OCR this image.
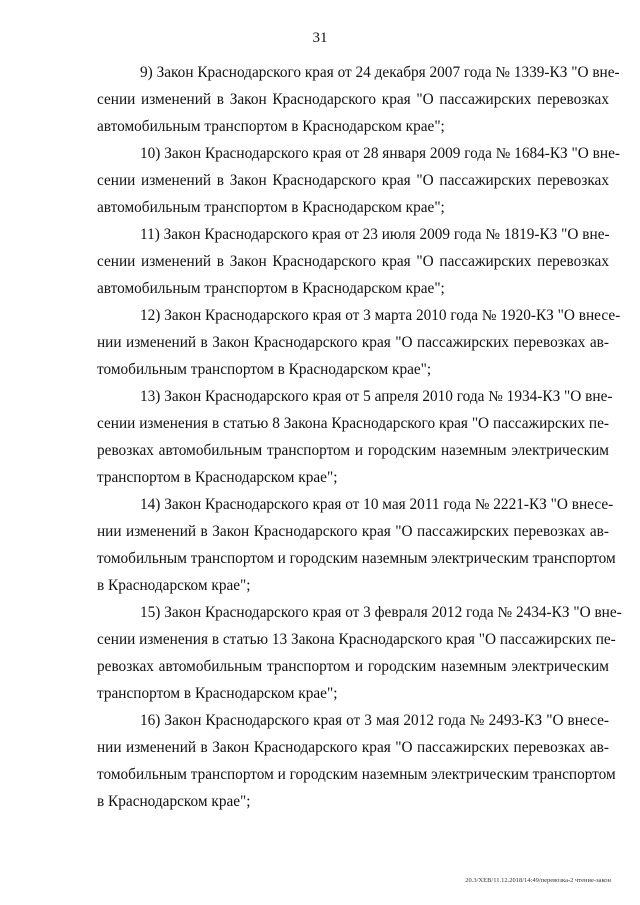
31
9) Закон Краснодарского края от 24 декабря 2007 года № 1339-КЗ "О вне-
сении изменений в Закон Краснодарского края "О пассажирских перевозках
автомобильным транспортом в Краснодарском крае";
10) Закон Краснодарского края от 28 января 2009 года № 1684-КЗ "О вне-
сении изменений в Закон Краснодарского края "О пассажирских перевозках
автомобильным транспортом в Краснодарском крае";
11) Закон Краснодарского края от 23 июля 2009 года № 1819-КЗ "О вне-
сении изменений в Закон Краснодарского края "О пассажирских перевозках
автомобильным транспортом в Краснодарском крае";
12) Закон Краснодарского края от 3 марта 2010 года № 1920-КЗ "О внесе-
нии изменений в Закон Краснодарского края "О пассажирских перевозках ав-
томобильным транспортом в Краснодарском крае";
13) Закон Краснодарского края от 5 апреля 2010 года № 1934-КЗ "О вне-
сении изменения в статью 8 Закона Краснодарского края "О пассажирских пе-
ревозках автомобильным транспортом и городским наземным электрическим
транспортом в Краснодарском крае";
14) Закон Краснодарского края от 10 мая 2011 года № 2221-КЗ "О внесе-
нии изменений в Закон Краснодарского края "О пассажирских перевозках ав-
томобильным транспортом и городским наземным электрическим транспортом
в Краснодарском крае";
15) Закон Краснодарского края от 3 февраля 2012 года № 2434-КЗ "О вне-
сении изменения в статью 13 Закона Краснодарского края "О пассажирских пе-
ревозках автомобильным транспортом и городским наземным электрическим
транспортом в Краснодарском крае";
16) Закон Краснодарского края от 3 мая 2012 года № 2493-КЗ "О внесе-
нии изменений в Закон Краснодарского края "О пассажирских перевозках ав-
томобильным транспортом и городским наземным электрическим транспортом
в Краснодарском крае";
20.3/ХЕВ/11.12.2018/14:49/перевозка-2 чтение-закон
